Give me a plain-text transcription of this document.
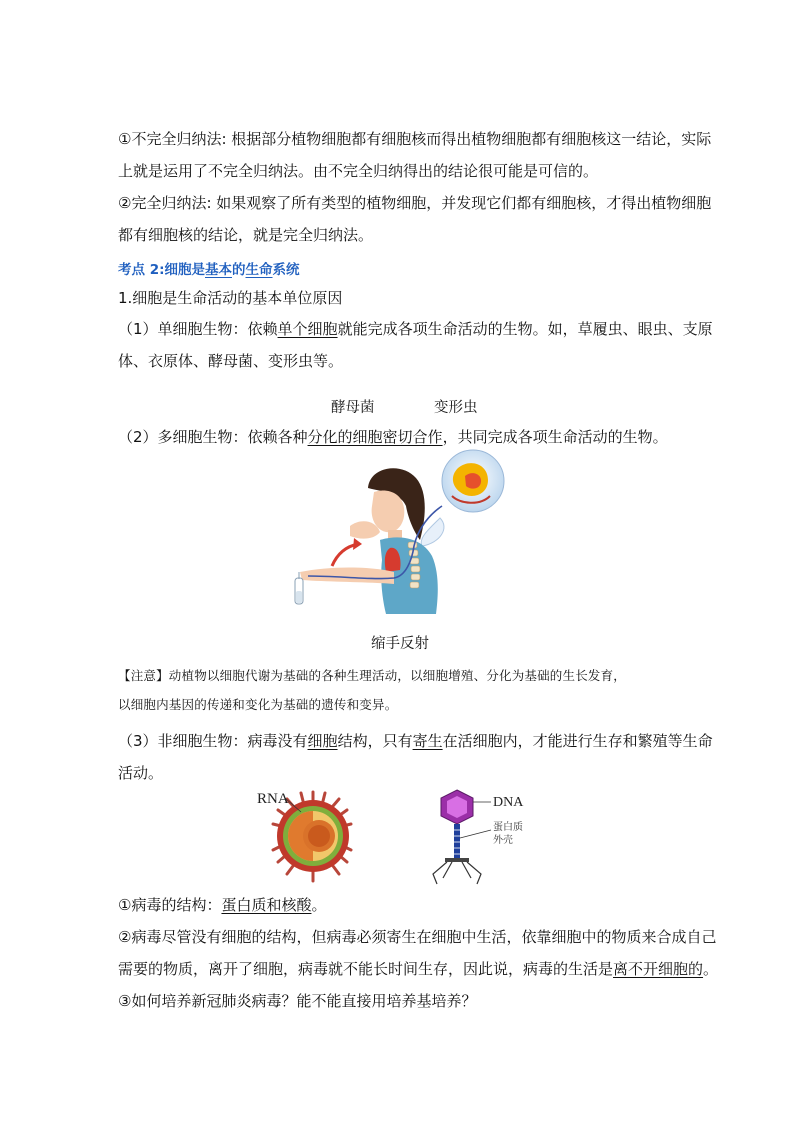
①不完全归纳法: 根据部分植物细胞都有细胞核而得出植物细胞都有细胞核这一结论，实际
上就是运用了不完全归纳法。由不完全归纳得出的结论很可能是可信的。
②完全归纳法: 如果观察了所有类型的植物细胞，并发现它们都有细胞核，才得出植物细胞
都有细胞核的结论，就是完全归纳法。
考点 2:细胞是基本的生命系统
1.细胞是生命活动的基本单位原因
（1）单细胞生物：依赖单个细胞就能完成各项生命活动的生物。如，草履虫、眼虫、支原
体、衣原体、酵母菌、变形虫等。
酵母菌	变形虫
（2）多细胞生物：依赖各种分化的细胞密切合作，共同完成各项生命活动的生物。
缩手反射
【注意】动植物以细胞代谢为基础的各种生理活动，以细胞增殖、分化为基础的生长发育，
以细胞内基因的传递和变化为基础的遗传和变异。
（3）非细胞生物：病毒没有细胞结构，只有寄生在活细胞内，才能进行生存和繁殖等生命
活动。
RNA	DNA
蛋白质
外壳
①病毒的结构：蛋白质和核酸。
②病毒尽管没有细胞的结构，但病毒必须寄生在细胞中生活，依靠细胞中的物质来合成自己
需要的物质，离开了细胞，病毒就不能长时间生存，因此说，病毒的生活是离不开细胞的。
③如何培养新冠肺炎病毒？能不能直接用培养基培养？
